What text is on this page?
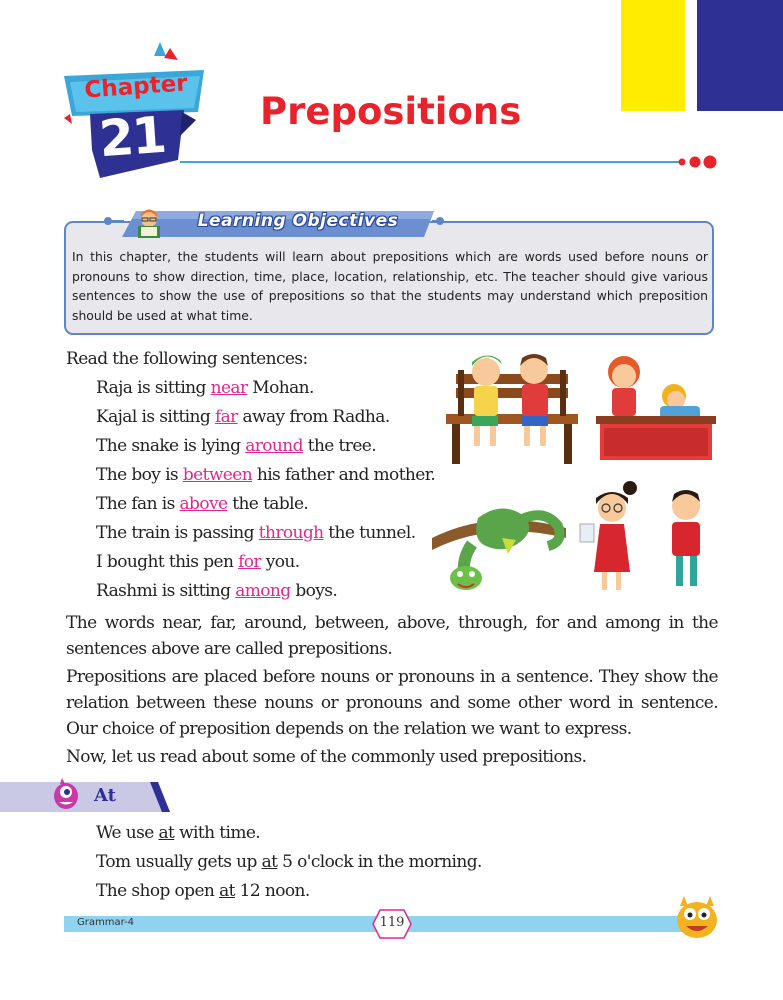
Chapter
21	Prepositions
Learning Objectives
In this chapter, the students will learn about prepositions which are words used before nouns or pronouns to show direction, time, place, location, relationship, etc. The teacher should give various sentences to show the use of prepositions so that the students may understand which preposition should be used at what time.
Read the following sentences:
Raja is sitting near Mohan.
Kajal is sitting far away from Radha.
The snake is lying around the tree.
The boy is between his father and mother.
The fan is above the table.
The train is passing through the tunnel.
I bought this pen for you.
Rashmi is sitting among boys.
The words near, far, around, between, above, through, for and among in the sentences above are called prepositions.
Prepositions are placed before nouns or pronouns in a sentence. They show the relation between these nouns or pronouns and some other word in sentence. Our choice of preposition depends on the relation we want to express.
Now, let us read about some of the commonly used prepositions.
At
We use at with time.
Tom usually gets up at 5 o'clock in the morning.
The shop open at 12 noon.
Grammar-4	119
